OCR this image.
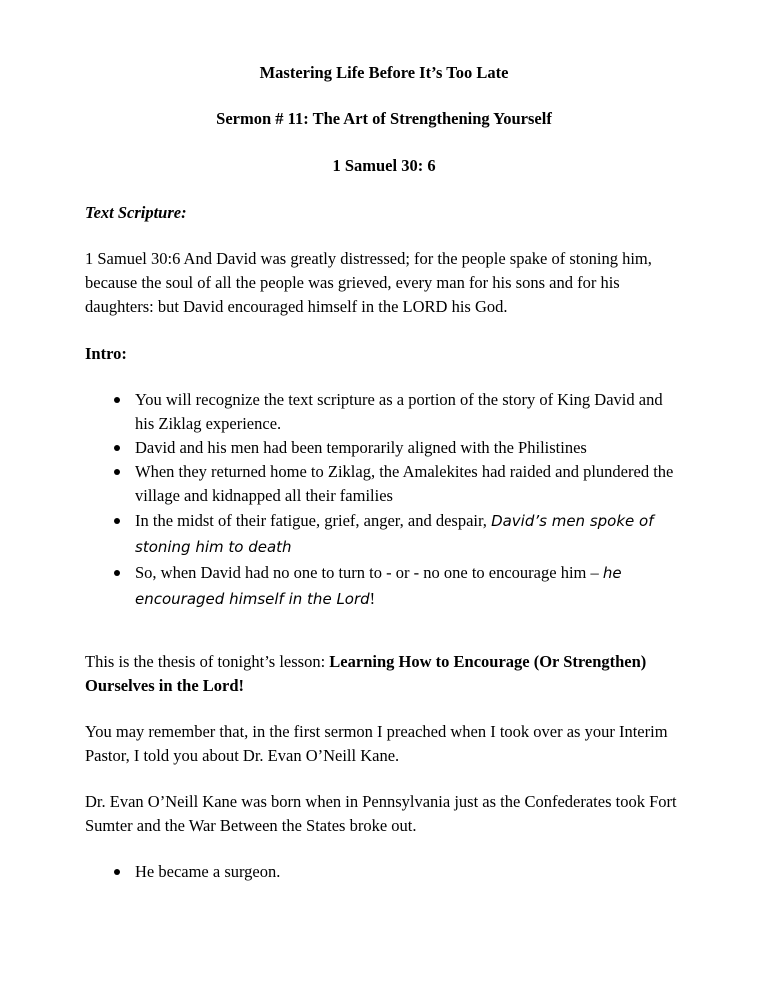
Mastering Life Before It’s Too Late
Sermon # 11: The Art of Strengthening Yourself
1 Samuel 30: 6
Text Scripture:
1 Samuel 30:6 And David was greatly distressed; for the people spake of stoning him, because the soul of all the people was grieved, every man for his sons and for his daughters: but David encouraged himself in the LORD his God.
Intro:
You will recognize the text scripture as a portion of the story of King David and his Ziklag experience.
David and his men had been temporarily aligned with the Philistines
When they returned home to Ziklag, the Amalekites had raided and plundered the village and kidnapped all their families
In the midst of their fatigue, grief, anger, and despair, David’s men spoke of stoning him to death
So, when David had no one to turn to - or - no one to encourage him – he encouraged himself in the Lord!
This is the thesis of tonight’s lesson: Learning How to Encourage (Or Strengthen) Ourselves in the Lord!
You may remember that, in the first sermon I preached when I took over as your Interim Pastor, I told you about Dr. Evan O’Neill Kane.
Dr. Evan O’Neill Kane was born when in Pennsylvania just as the Confederates took Fort Sumter and the War Between the States broke out.
He became a surgeon.
